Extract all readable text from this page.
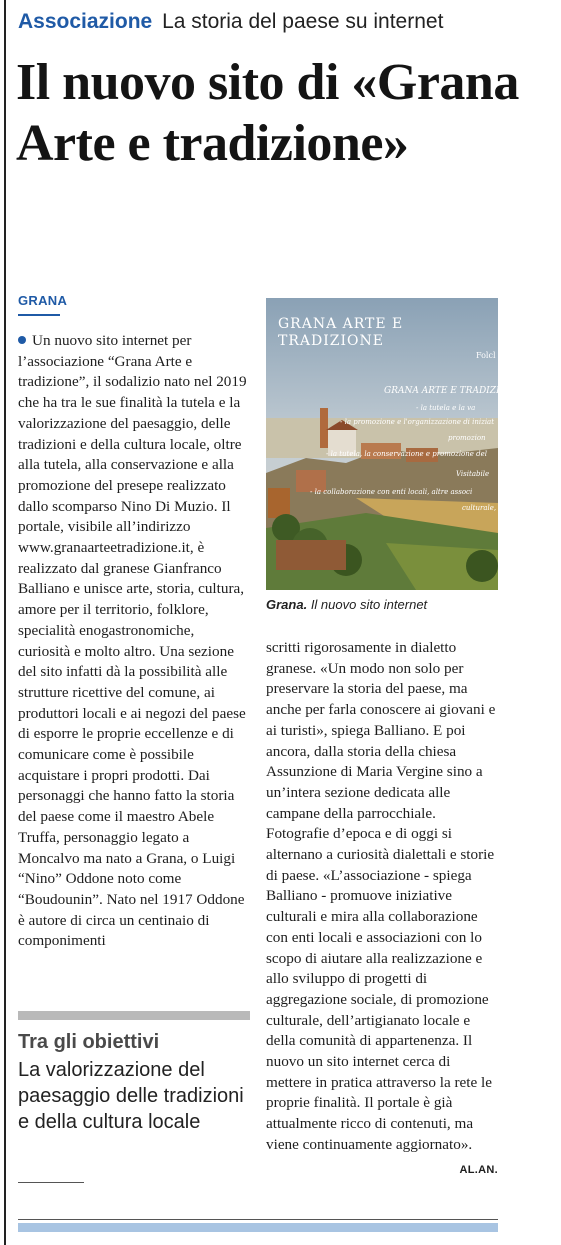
Associazione La storia del paese su internet
Il nuovo sito di «Grana Arte e tradizione»
GRANA
Un nuovo sito internet per l’associazione “Grana Arte e tradizione”, il sodalizio nato nel 2019 che ha tra le sue finalità la tutela e la valorizzazione del paesaggio, delle tradizioni e della cultura locale, oltre alla tutela, alla conservazione e alla promozione del presepe realizzato dallo scomparso Nino Di Muzio. Il portale, visibile all’indirizzo www.granaarteetradizione.it, è realizzato dal granese Gianfranco Balliano e unisce arte, storia, cultura, amore per il territorio, folklore, specialità enogastronomiche, curiosità e molto altro. Una sezione del sito infatti dà la possibilità alle strutture ricettive del comune, ai produttori locali e ai negozi del paese di esporre le proprie eccellenze e di comunicare come è possibile acquistare i propri prodotti. Dai personaggi che hanno fatto la storia del paese come il maestro Abele Truffa, personaggio legato a Moncalvo ma nato a Grana, o Luigi “Nino” Oddone noto come “Boudounin”. Nato nel 1917 Oddone è autore di circa un centinaio di componimenti
GRANA ARTE E
TRADIZIONE
Folcl
GRANA ARTE E TRADIZIONE
- la tutela e la va
- la promozione e l'organizzazione di iniziat
promozion
- la tutela, la conservazione e promozione del
Visitabile
- la collaborazione con enti locali, altre associ
culturale,
Grana. Il nuovo sito internet
scritti rigorosamente in dialetto granese. «Un modo non solo per preservare la storia del paese, ma anche per farla conoscere ai giovani e ai turisti», spiega Balliano. E poi ancora, dalla storia della chiesa Assunzione di Maria Vergine sino a un’intera sezione dedicata alle campane della parrocchiale. Fotografie d’epoca e di oggi si alternano a curiosità dialettali e storie di paese. «L’associazione - spiega Balliano - promuove iniziative culturali e mira alla collaborazione con enti locali e associazioni con lo scopo di aiutare alla realizzazione e allo sviluppo di progetti di aggregazione sociale, di promozione culturale, dell’artigianato locale e della comunità di appartenenza. Il nuovo un sito internet cerca di mettere in pratica attraverso la rete le proprie finalità. Il portale è già attualmente ricco di contenuti, ma viene continuamente aggiornato».
AL.AN.
Tra gli obiettivi
La valorizzazione del paesaggio delle tradizioni e della cultura locale
